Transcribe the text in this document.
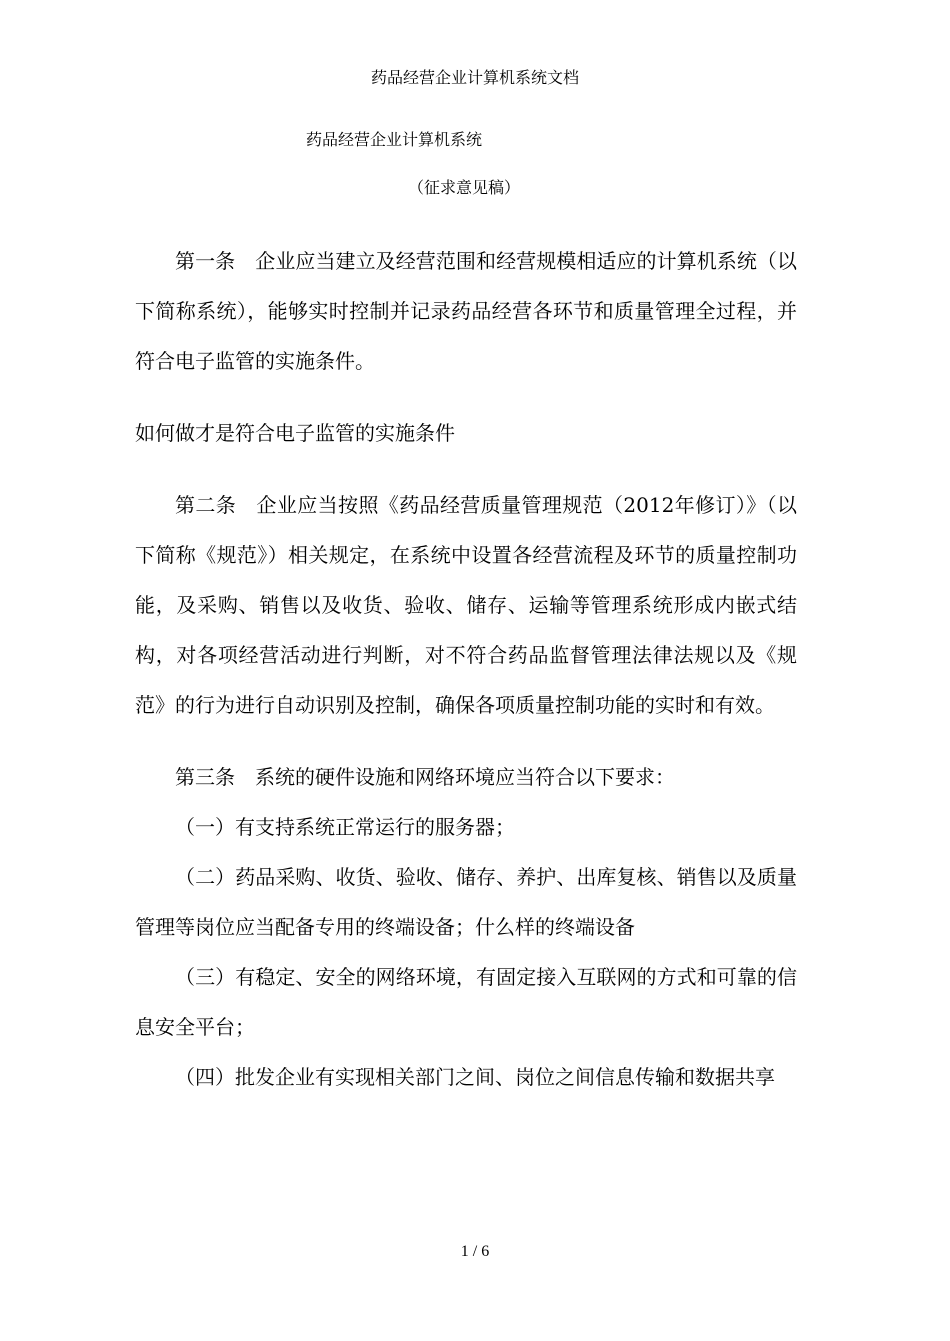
药品经营企业计算机系统文档
药品经营企业计算机系统
（征求意见稿）

第一条　企业应当建立及经营范围和经营规模相适应的计算机系统（以下简称系统），能够实时控制并记录药品经营各环节和质量管理全过程，并符合电子监管的实施条件。

如何做才是符合电子监管的实施条件

第二条　企业应当按照《药品经营质量管理规范（2012年修订）》（以下简称《规范》）相关规定，在系统中设置各经营流程及环节的质量控制功能，及采购、销售以及收货、验收、储存、运输等管理系统形成内嵌式结构，对各项经营活动进行判断，对不符合药品监督管理法律法规以及《规范》的行为进行自动识别及控制，确保各项质量控制功能的实时和有效。

第三条　系统的硬件设施和网络环境应当符合以下要求：

（一）有支持系统正常运行的服务器；

（二）药品采购、收货、验收、储存、养护、出库复核、销售以及质量管理等岗位应当配备专用的终端设备；什么样的终端设备

（三）有稳定、安全的网络环境，有固定接入互联网的方式和可靠的信息安全平台；

（四）批发企业有实现相关部门之间、岗位之间信息传输和数据共享

1 / 6
